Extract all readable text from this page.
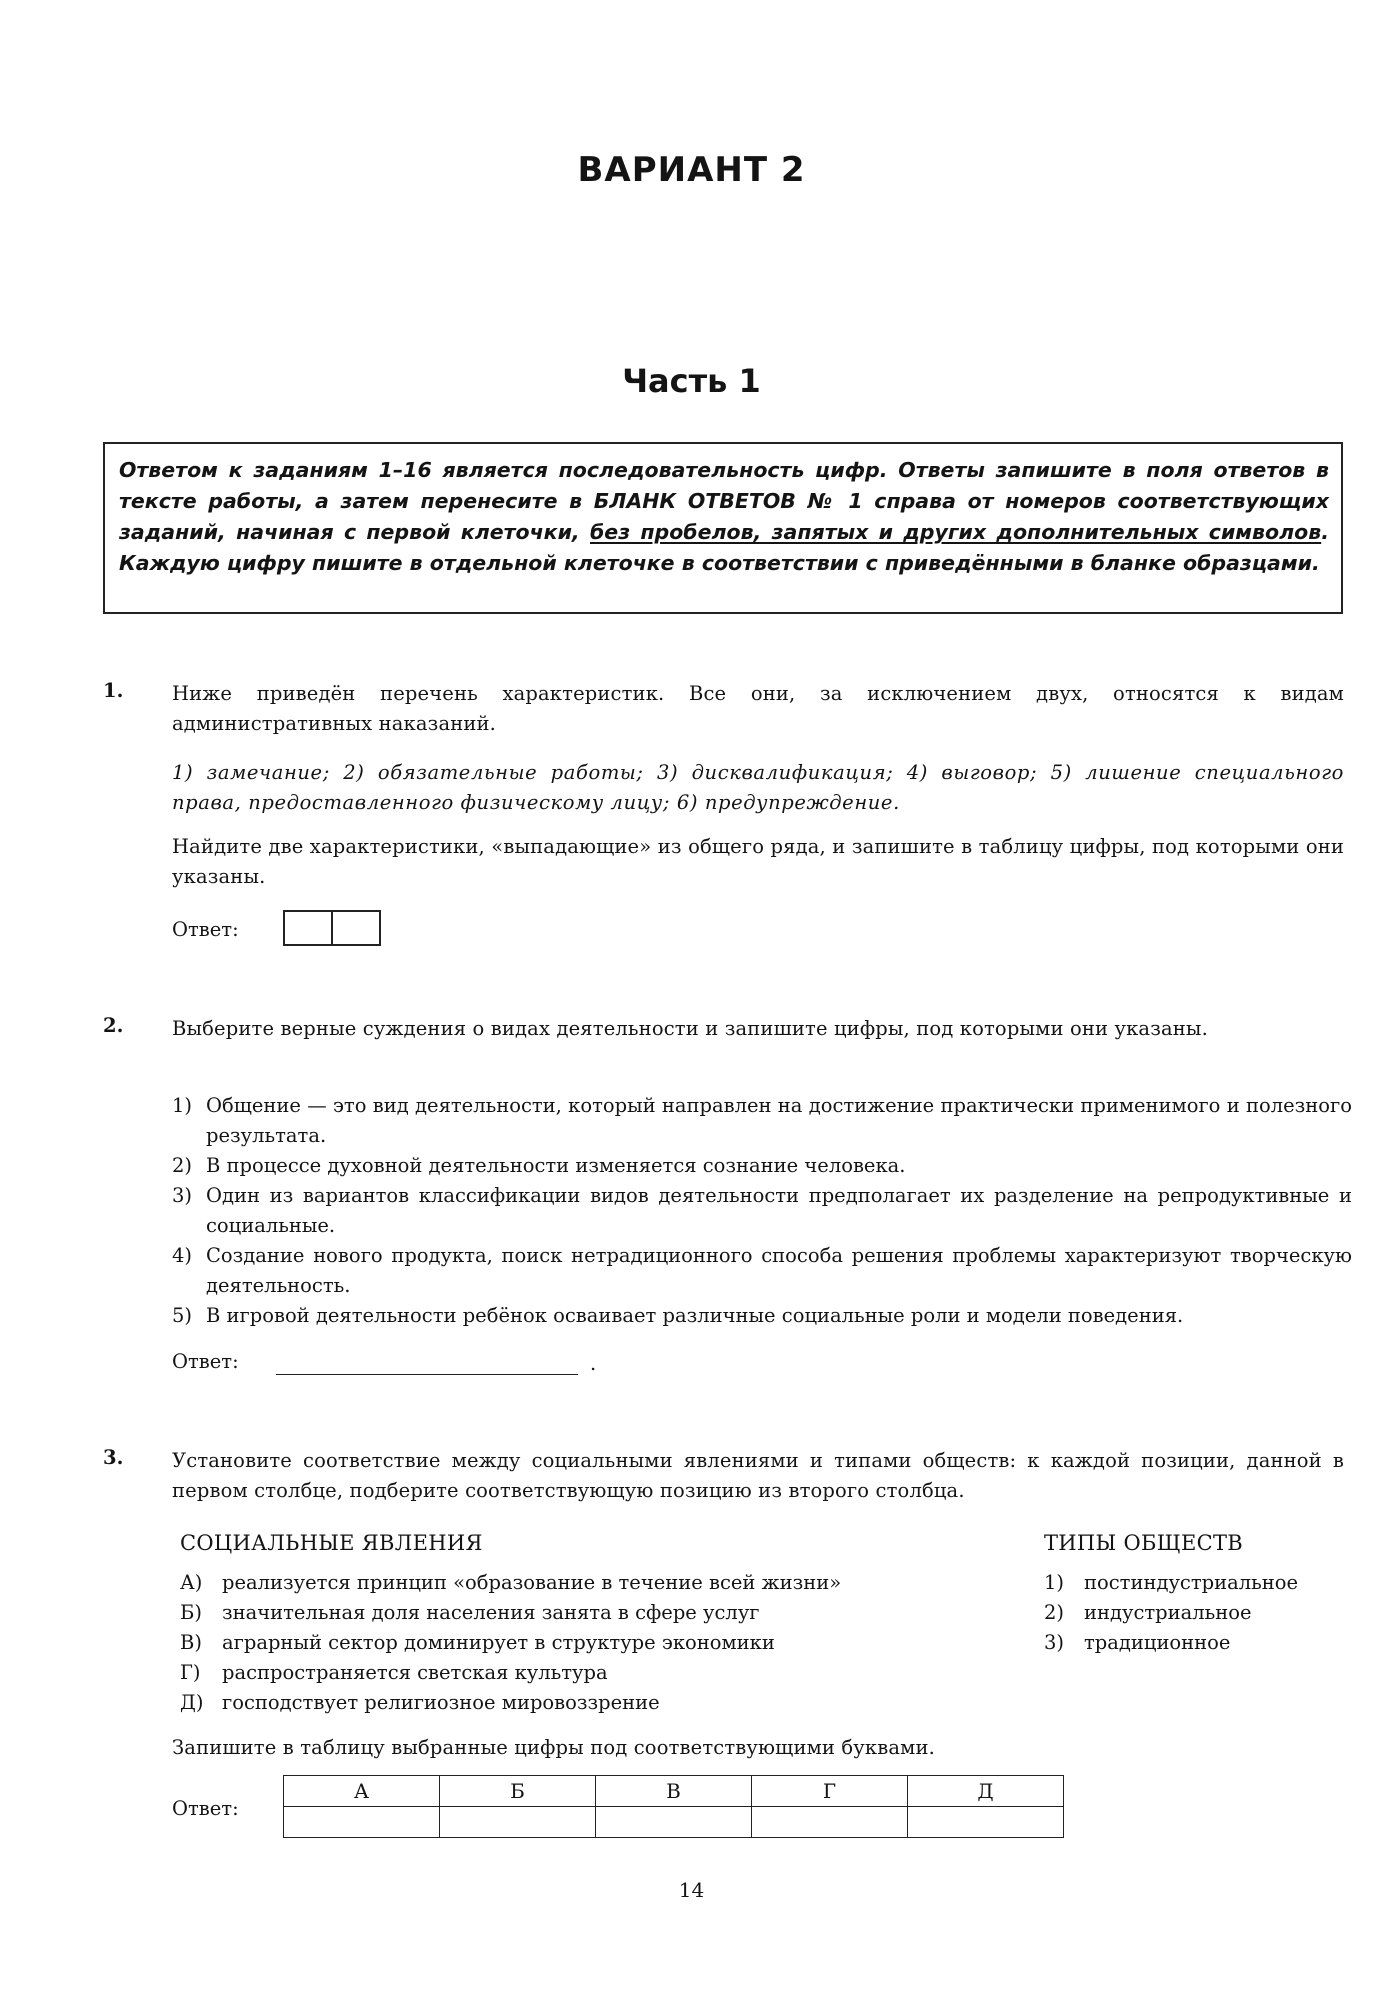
ВАРИАНТ 2
Часть 1
Ответом к заданиям 1–16 является последовательность цифр. Ответы запишите в поля ответов в тексте работы, а затем перенесите в БЛАНК ОТВЕТОВ № 1 справа от номеров соответствующих заданий, начиная с первой клеточки, без пробелов, запятых и других дополнительных символов. Каждую цифру пишите в отдельной клеточке в соответствии с приведёнными в бланке образцами.
1. Ниже приведён перечень характеристик. Все они, за исключением двух, относятся к видам административных наказаний.
1) замечание; 2) обязательные работы; 3) дисквалификация; 4) выговор; 5) лишение специального права, предоставленного физическому лицу; 6) предупреждение.
Найдите две характеристики, «выпадающие» из общего ряда, и запишите в таблицу цифры, под которыми они указаны.
Ответ:
2. Выберите верные суждения о видах деятельности и запишите цифры, под которыми они указаны.
1) Общение — это вид деятельности, который направлен на достижение практически применимого и полезного результата.
2) В процессе духовной деятельности изменяется сознание человека.
3) Один из вариантов классификации видов деятельности предполагает их разделение на репродуктивные и социальные.
4) Создание нового продукта, поиск нетрадиционного способа решения проблемы характеризуют творческую деятельность.
5) В игровой деятельности ребёнок осваивает различные социальные роли и модели поведения.
Ответ:	.
3. Установите соответствие между социальными явлениями и типами обществ: к каждой позиции, данной в первом столбце, подберите соответствующую позицию из второго столбца.
СОЦИАЛЬНЫЕ ЯВЛЕНИЯ	ТИПЫ ОБЩЕСТВ
А)	реализуется принцип «образование в течение всей жизни»
Б)	значительная доля населения занята в сфере услуг
В)	аграрный сектор доминирует в структуре экономики
Г)	распространяется светская культура
Д) господствует религиозное мировоззрение
1)	постиндустриальное
2)	индустриальное
3)	традиционное
Запишите в таблицу выбранные цифры под соответствующими буквами.
Ответ:
А	Б	В	Г	Д

14
